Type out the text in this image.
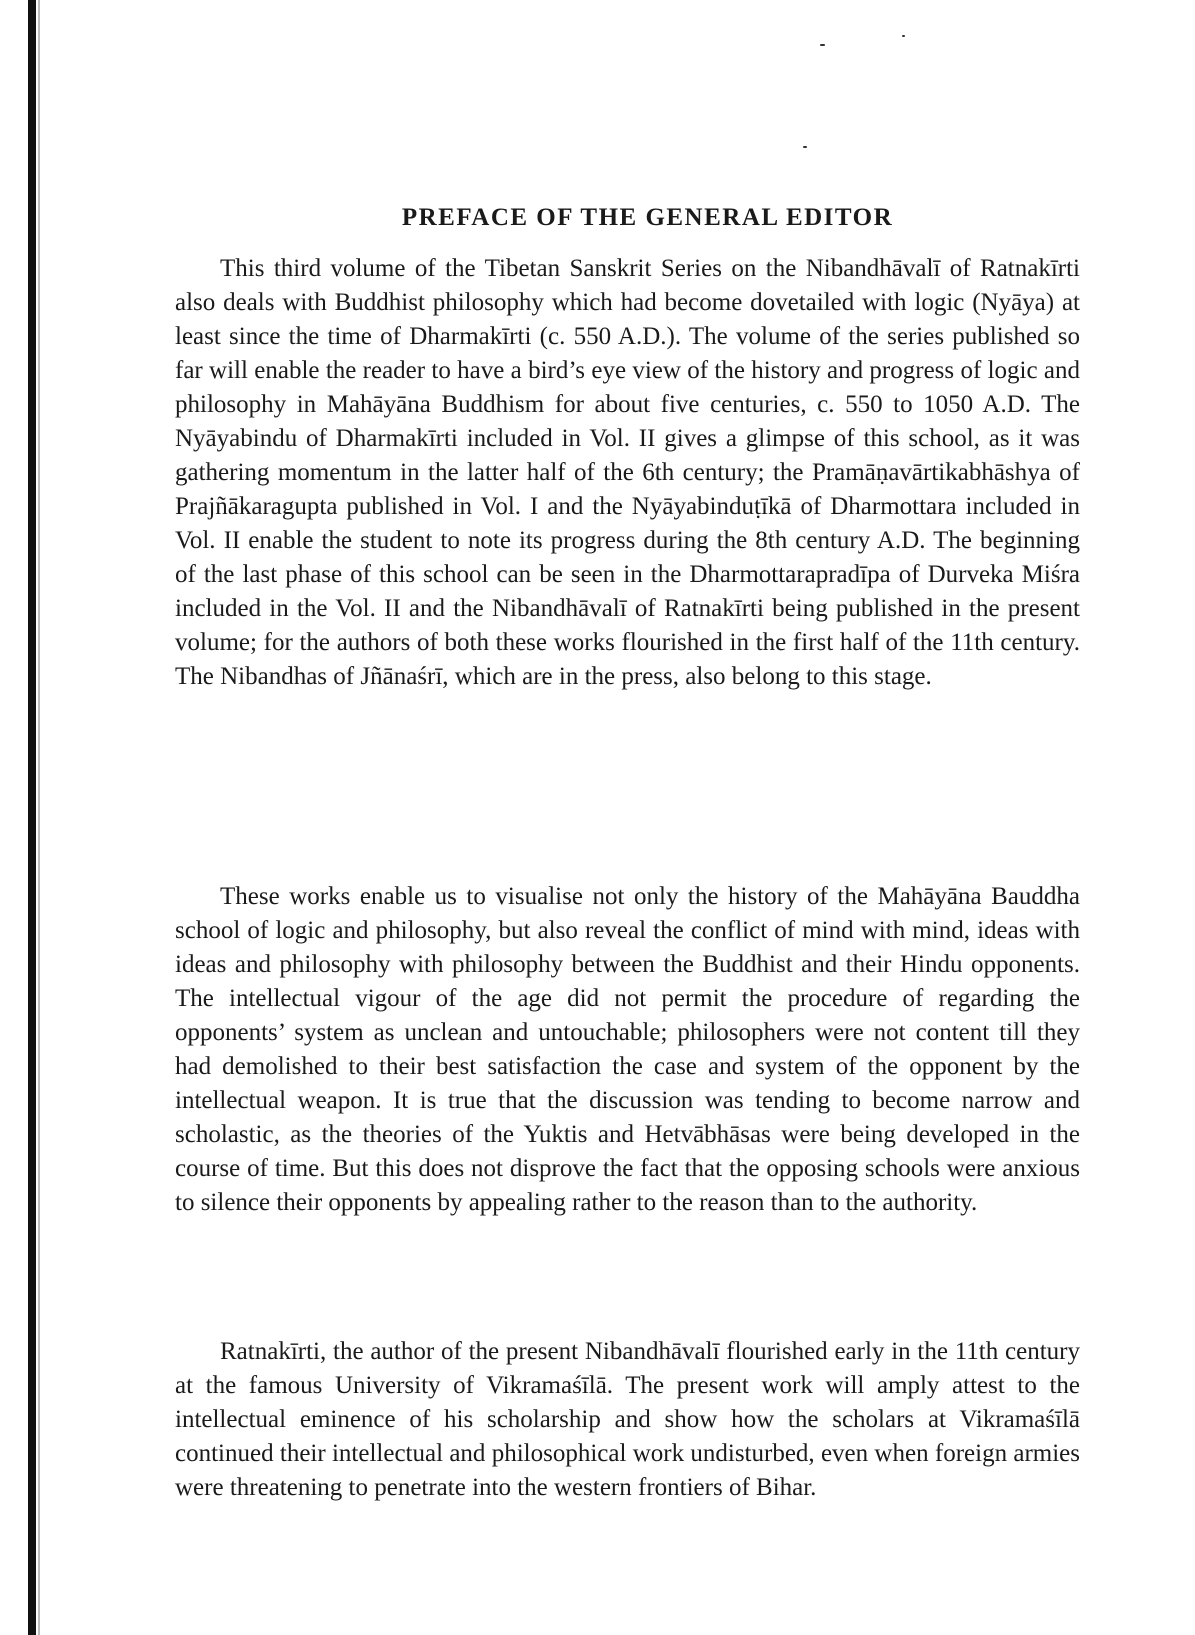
PREFACE OF THE GENERAL EDITOR

This third volume of the Tibetan Sanskrit Series on the Nibandhāvalī of Ratnakīrti also deals with Buddhist philosophy which had become dovetailed with logic (Nyāya) at least since the time of Dharmakīrti (c. 550 A.D.). The volume of the series published so far will enable the reader to have a bird’s eye view of the history and progress of logic and philosophy in Mahāyāna Buddhism for about five centuries, c. 550 to 1050 A.D. The Nyāyabindu of Dharmakīrti included in Vol. II gives a glimpse of this school, as it was gathering momentum in the latter half of the 6th century; the Pramāṇavārtikabhāshya of Prajñākaragupta published in Vol. I and the Nyāyabinduṭīkā of Dharmottara included in Vol. II enable the student to note its progress during the 8th century A.D. The beginning of the last phase of this school can be seen in the Dharmottarapradīpa of Durveka Miśra included in the Vol. II and the Nibandhāvalī of Ratnakīrti being published in the present volume; for the authors of both these works flourished in the first half of the 11th century. The Nibandhas of Jñānaśrī, which are in the press, also belong to this stage.

These works enable us to visualise not only the history of the Mahāyāna Bauddha school of logic and philosophy, but also reveal the conflict of mind with mind, ideas with ideas and philosophy with philosophy between the Buddhist and their Hindu opponents. The intellectual vigour of the age did not permit the procedure of regarding the opponents’ system as unclean and untouchable; philosophers were not content till they had demolished to their best satisfaction the case and system of the opponent by the intellectual weapon. It is true that the discussion was tending to become narrow and scholastic, as the theories of the Yuktis and Hetvābhāsas were being developed in the course of time. But this does not disprove the fact that the opposing schools were anxious to silence their opponents by appealing rather to the reason than to the authority.

Ratnakīrti, the author of the present Nibandhāvalī flourished early in the 11th century at the famous University of Vikramaśīlā. The present work will amply attest to the intellectual eminence of his scholarship and show how the scholars at Vikramaśīlā continued their intellectual and philosophical work undisturbed, even when foreign armies were threatening to penetrate into the western frontiers of Bihar.
